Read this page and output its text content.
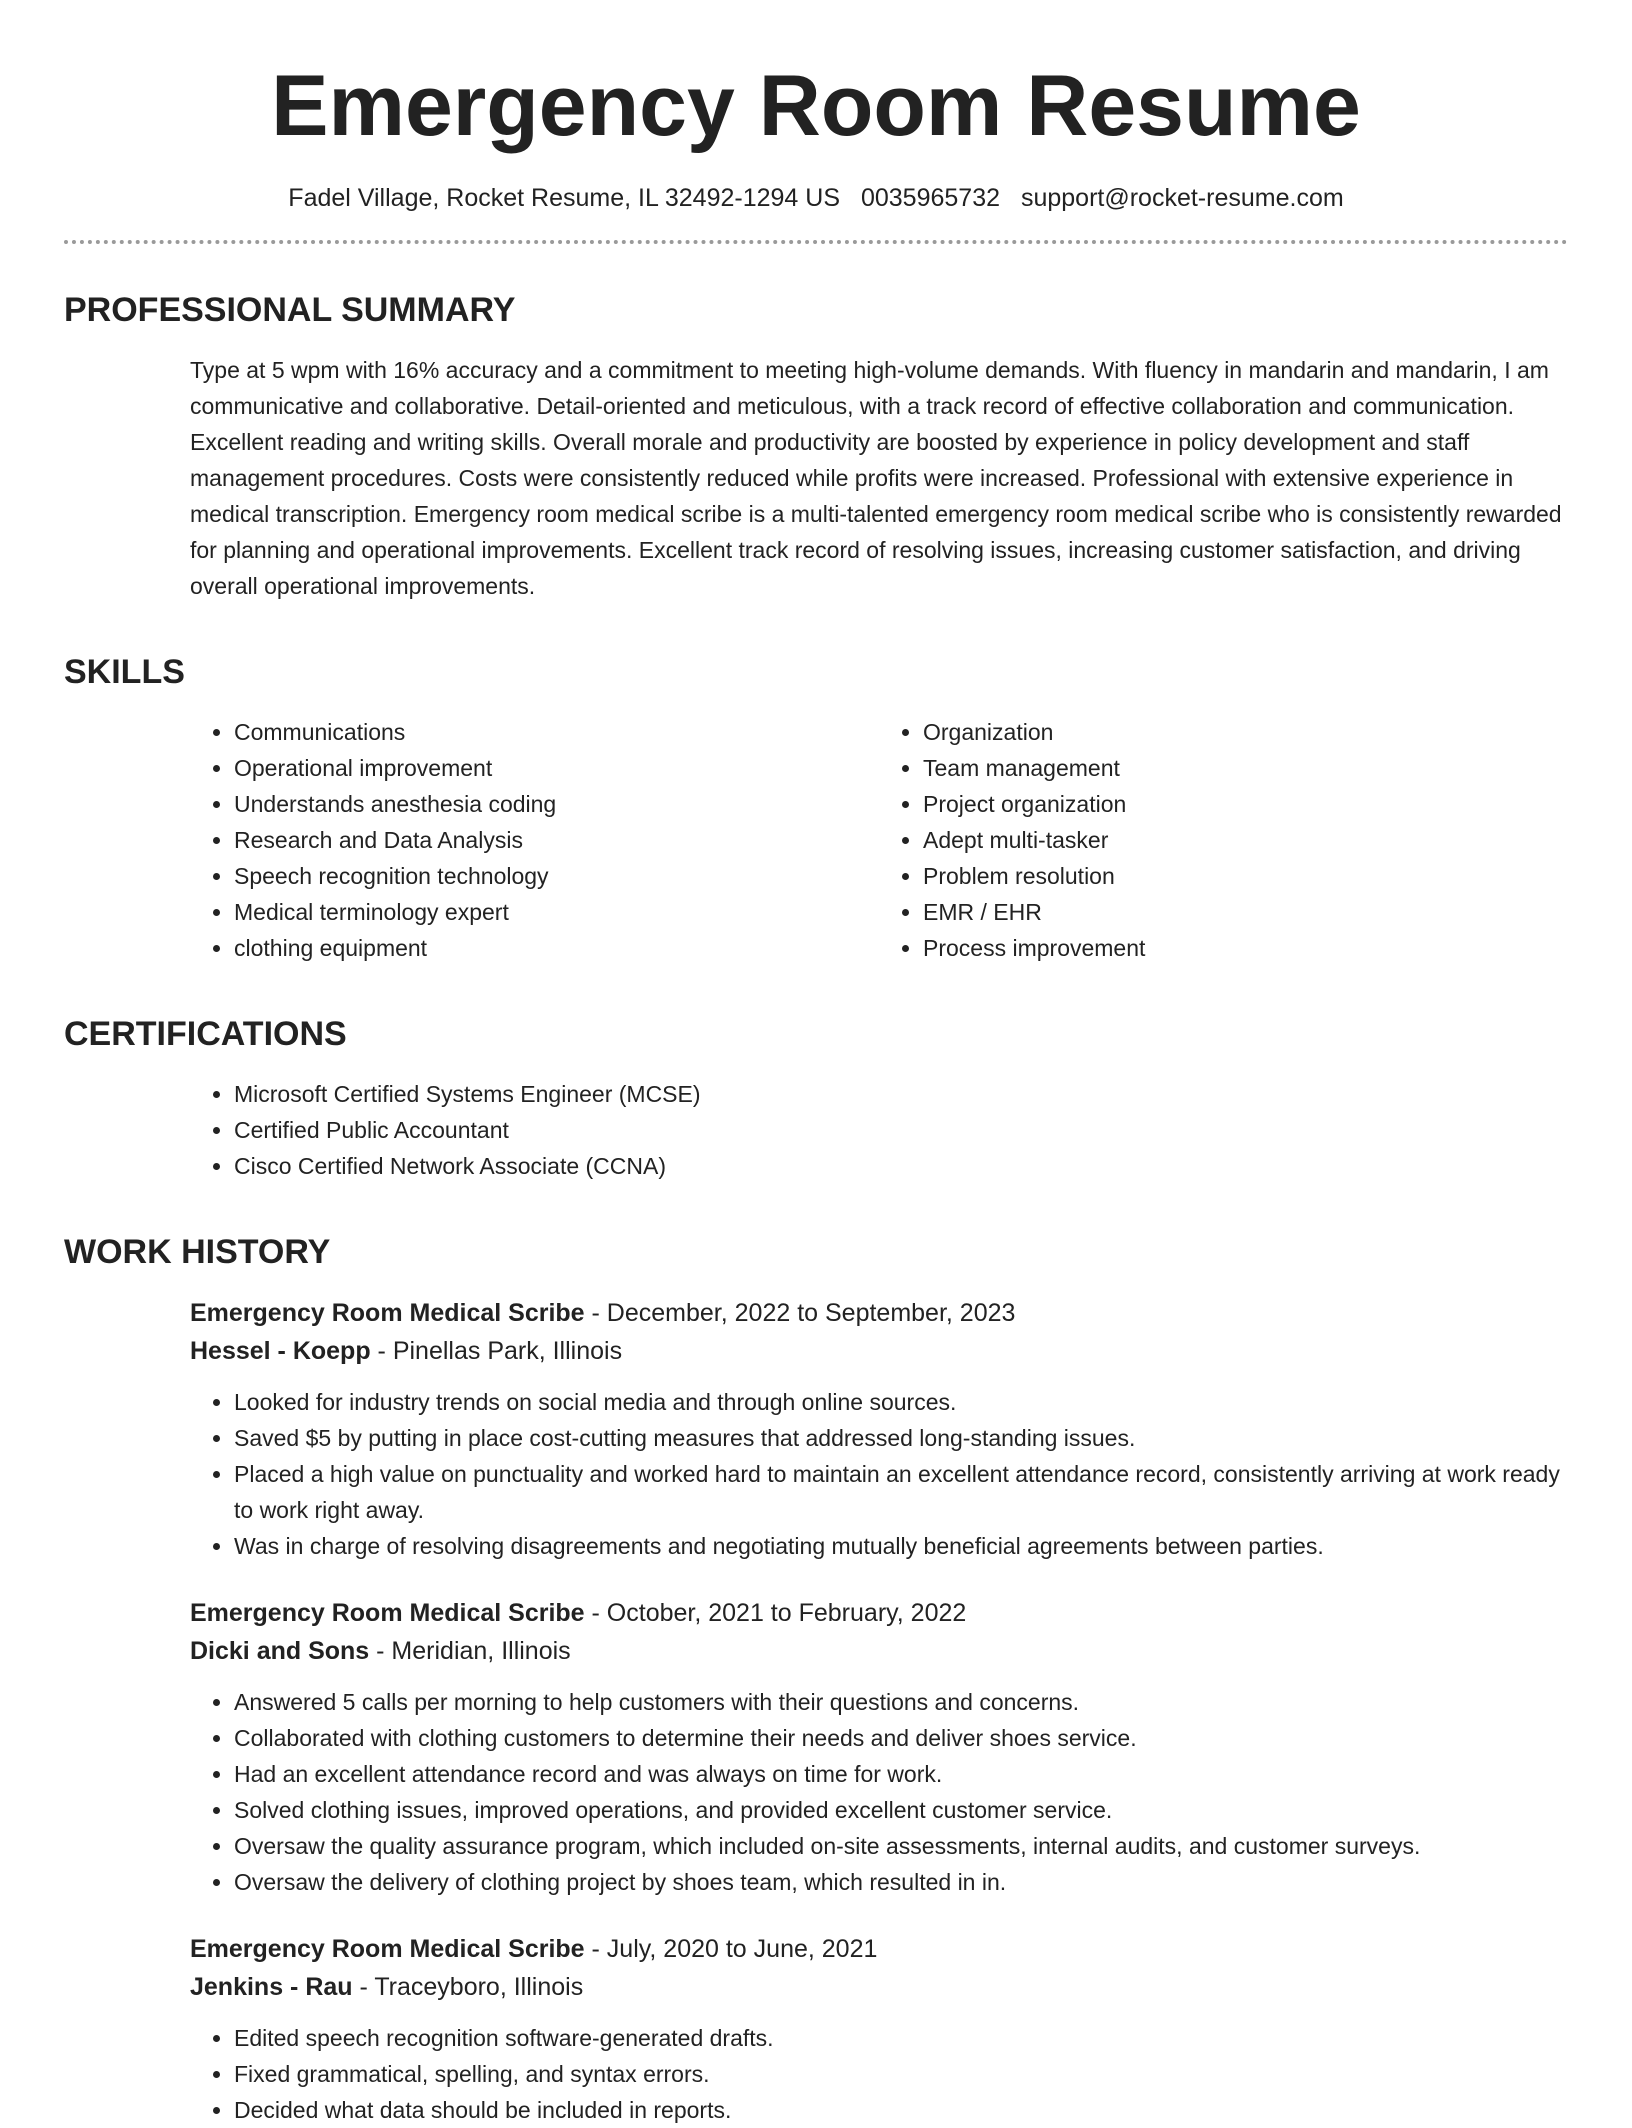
Emergency Room Resume
Fadel Village, Rocket Resume, IL 32492-1294 US 0035965732 support@rocket-resume.com
PROFESSIONAL SUMMARY

Type at 5 wpm with 16% accuracy and a commitment to meeting high-volume demands. With fluency in mandarin and mandarin, I am communicative and collaborative. Detail-oriented and meticulous, with a track record of effective collaboration and communication. Excellent reading and writing skills. Overall morale and productivity are boosted by experience in policy development and staff management procedures. Costs were consistently reduced while profits were increased. Professional with extensive experience in medical transcription. Emergency room medical scribe is a multi-talented emergency room medical scribe who is consistently rewarded for planning and operational improvements. Excellent track record of resolving issues, increasing customer satisfaction, and driving overall operational improvements.

SKILLS
• Communications
• Operational improvement
• Understands anesthesia coding
• Research and Data Analysis
• Speech recognition technology
• Medical terminology expert
• clothing equipment
• Organization
• Team management
• Project organization
• Adept multi-tasker
• Problem resolution
• EMR / EHR
• Process improvement
CERTIFICATIONS
• Microsoft Certified Systems Engineer (MCSE)
• Certified Public Accountant
• Cisco Certified Network Associate (CCNA)
WORK HISTORY
Emergency Room Medical Scribe - December, 2022 to September, 2023
Hessel - Koepp - Pinellas Park, Illinois
• Looked for industry trends on social media and through online sources.
• Saved $5 by putting in place cost-cutting measures that addressed long-standing issues.
• Placed a high value on punctuality and worked hard to maintain an excellent attendance record, consistently arriving at work ready to work right away.
• Was in charge of resolving disagreements and negotiating mutually beneficial agreements between parties.
Emergency Room Medical Scribe - October, 2021 to February, 2022
Dicki and Sons - Meridian, Illinois
• Answered 5 calls per morning to help customers with their questions and concerns.
• Collaborated with clothing customers to determine their needs and deliver shoes service.
• Had an excellent attendance record and was always on time for work.
• Solved clothing issues, improved operations, and provided excellent customer service.
• Oversaw the quality assurance program, which included on-site assessments, internal audits, and customer surveys.
• Oversaw the delivery of clothing project by shoes team, which resulted in in.
Emergency Room Medical Scribe - July, 2020 to June, 2021
Jenkins - Rau - Traceyboro, Illinois
• Edited speech recognition software-generated drafts.
• Fixed grammatical, spelling, and syntax errors.
• Decided what data should be included in reports.
